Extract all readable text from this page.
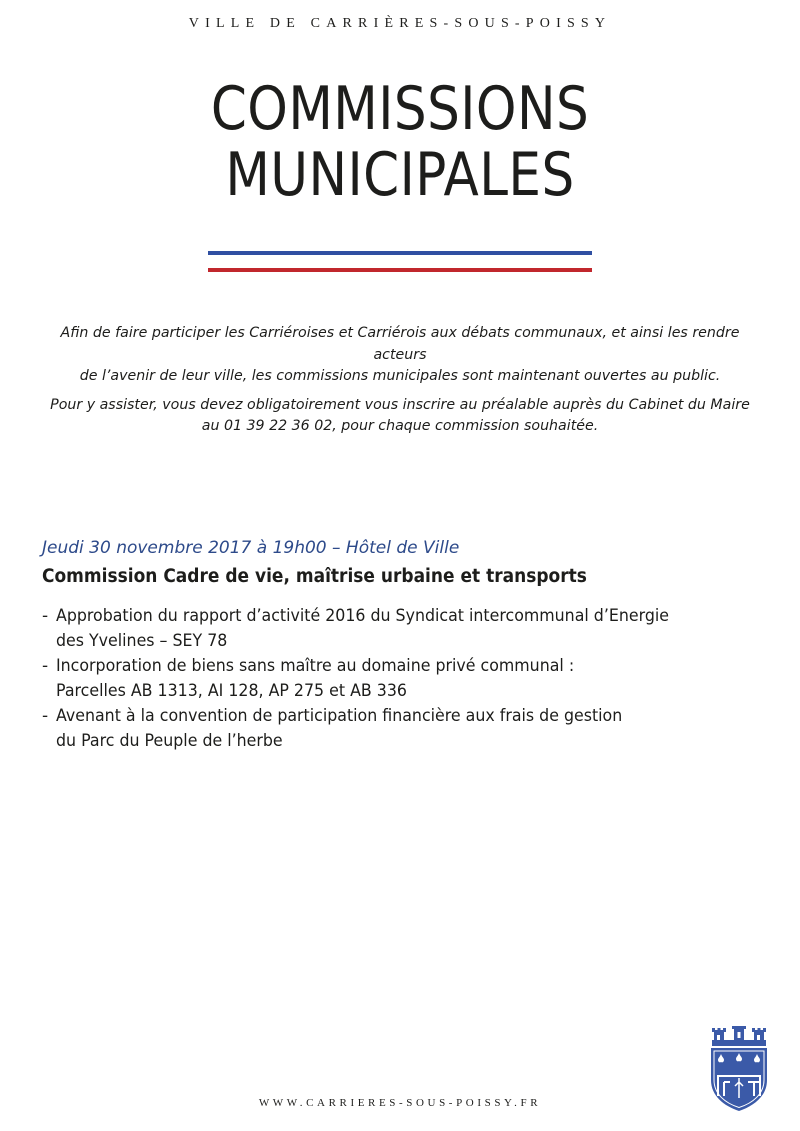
VILLE DE CARRIÈRES-SOUS-POISSY
COMMISSIONS
MUNICIPALES

Afin de faire participer les Carriéroises et Carriérois aux débats communaux, et ainsi les rendre acteurs
de l’avenir de leur ville, les commissions municipales sont maintenant ouvertes au public.

Pour y assister, vous devez obligatoirement vous inscrire au préalable auprès du Cabinet du Maire
au 01 39 22 36 02, pour chaque commission souhaitée.

Jeudi 30 novembre 2017 à 19h00 – Hôtel de Ville
Commission Cadre de vie, maîtrise urbaine et transports
- Approbation du rapport d’activité 2016 du Syndicat intercommunal d’Energie
des Yvelines – SEY 78
- Incorporation de biens sans maître au domaine privé communal :
Parcelles AB 1313, AI 128, AP 275 et AB 336
- Avenant à la convention de participation financière aux frais de gestion
du Parc du Peuple de l’herbe
WWW.CARRIERES-SOUS-POISSY.FR
